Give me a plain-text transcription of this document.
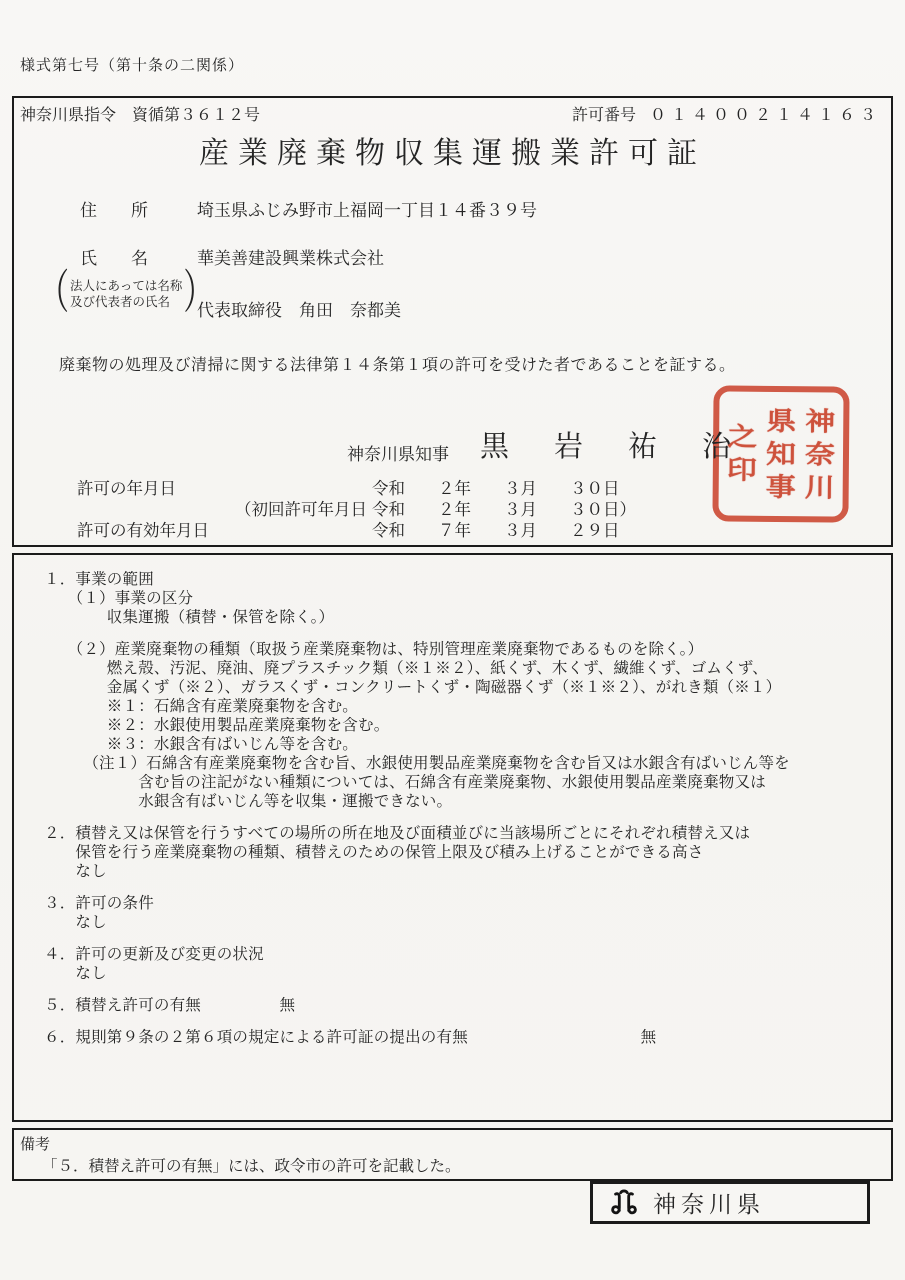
様式第七号（第十条の二関係）
神奈川県指令　資循第３６１２号	許可番号 ０１４００２１４１６３
産業廃棄物収集運搬業許可証
住　　所	埼玉県ふじみ野市上福岡一丁目１４番３９号
氏　　名	華美善建設興業株式会社
（ 法人にあっては名称
及び代表者の氏名 ）
代表取締役　角田　奈都美
廃棄物の処理及び清掃に関する法律第１４条第１項の許可を受けた者であることを証する。
神奈川県知事 黒　岩　祐　治
神
奈
川
県
知
事
之
印
許可の年月日	令和　　２年　　３月　　３０日
（初回許可年月日 令和　　２年　　３月　　３０日）
許可の有効年月日	令和　　７年　　３月　　２９日
１．事業の範囲
　　（１）事業の区分
　　　　収集運搬（積替・保管を除く。）
　　（２）産業廃棄物の種類（取扱う産業廃棄物は、特別管理産業廃棄物であるものを除く。）
　　　　燃え殻、汚泥、廃油、廃プラスチック類（※１※２）、紙くず、木くず、繊維くず、ゴムくず、
　　　　金属くず（※２）、ガラスくず・コンクリートくず・陶磁器くず（※１※２）、がれき類（※１）
　　　　※１：石綿含有産業廃棄物を含む。
　　　　※２：水銀使用製品産業廃棄物を含む。
　　　　※３：水銀含有ばいじん等を含む。
　　　（注１）石綿含有産業廃棄物を含む旨、水銀使用製品産業廃棄物を含む旨又は水銀含有ばいじん等を
　　　　　　含む旨の注記がない種類については、石綿含有産業廃棄物、水銀使用製品産業廃棄物又は
　　　　　　水銀含有ばいじん等を収集・運搬できない。
２．積替え又は保管を行うすべての場所の所在地及び面積並びに当該場所ごとにそれぞれ積替え又は
　　保管を行う産業廃棄物の種類、積替えのための保管上限及び積み上げることができる高さ
　　なし
３．許可の条件
　　なし
４．許可の更新及び変更の状況
　　なし
５．積替え許可の有無　　　　　無
６．規則第９条の２第６項の規定による許可証の提出の有無　　　　　　　　　　　無
備考
「５．積替え許可の有無」には、政令市の許可を記載した。
神奈川県
